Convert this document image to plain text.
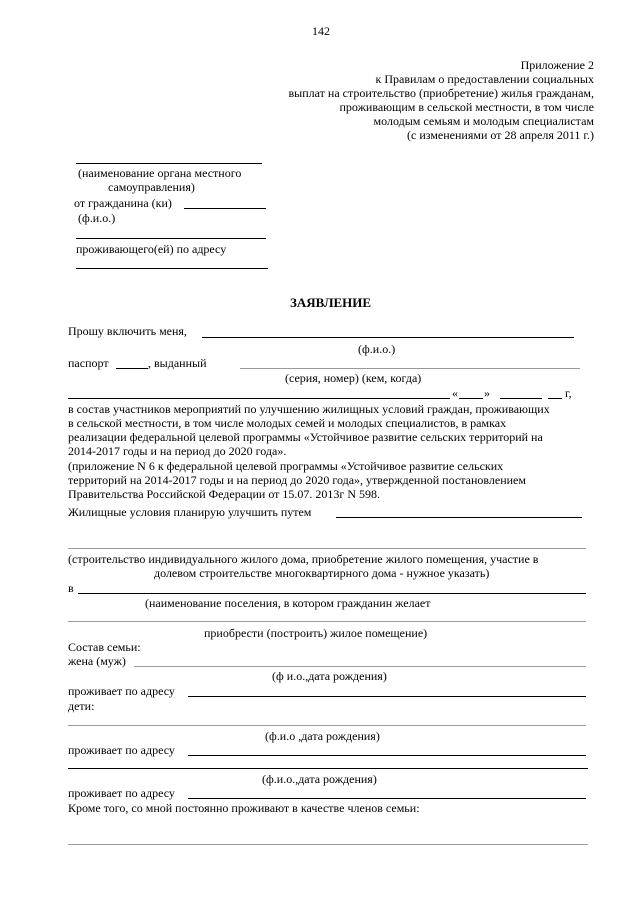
142
Приложение 2
к Правилам о предоставлении социальных
выплат на строительство (приобретение) жилья гражданам,
проживающим в сельской местности, в том числе
молодым семьям и молодым специалистам
(с изменениями от 28 апреля 2011 г.)
(наименование органа местного
самоуправления)
от гражданина (ки)
(ф.и.о.)
проживающего(ей) по адресу
ЗАЯВЛЕНИЕ
Прошу включить меня,
(ф.и.о.)
паспорт	, выданный
(серия, номер) (кем, когда)
« »	г,
в состав участников мероприятий по улучшению жилищных условий граждан, проживающих
в сельской местности, в том числе молодых семей и молодых специалистов, в рамках
реализации федеральной целевой программы «Устойчивое развитие сельских территорий на
2014-2017 годы и на период до 2020 года».
(приложение N 6 к федеральной целевой программы «Устойчивое развитие сельских
территорий на 2014-2017 годы и на период до 2020 года», утвержденной постановлением
Правительства Российской Федерации от 15.07. 2013г N 598.
Жилищные условия планирую улучшить путем
(строительство индивидуального жилого дома, приобретение жилого помещения, участие в
долевом строительстве многоквартирного дома - нужное указать)
в
(наименование поселения, в котором гражданин желает
приобрести (построить) жилое помещение)
Состав семьи:
жена (муж)
(ф и.о.,дата рождения)
проживает по адресу
дети:
(ф.и.о ,дата рождения)
проживает по адресу
(ф.и.о.,дата рождения)
проживает по адресу
Кроме того, со мной постоянно проживают в качестве членов семьи:
